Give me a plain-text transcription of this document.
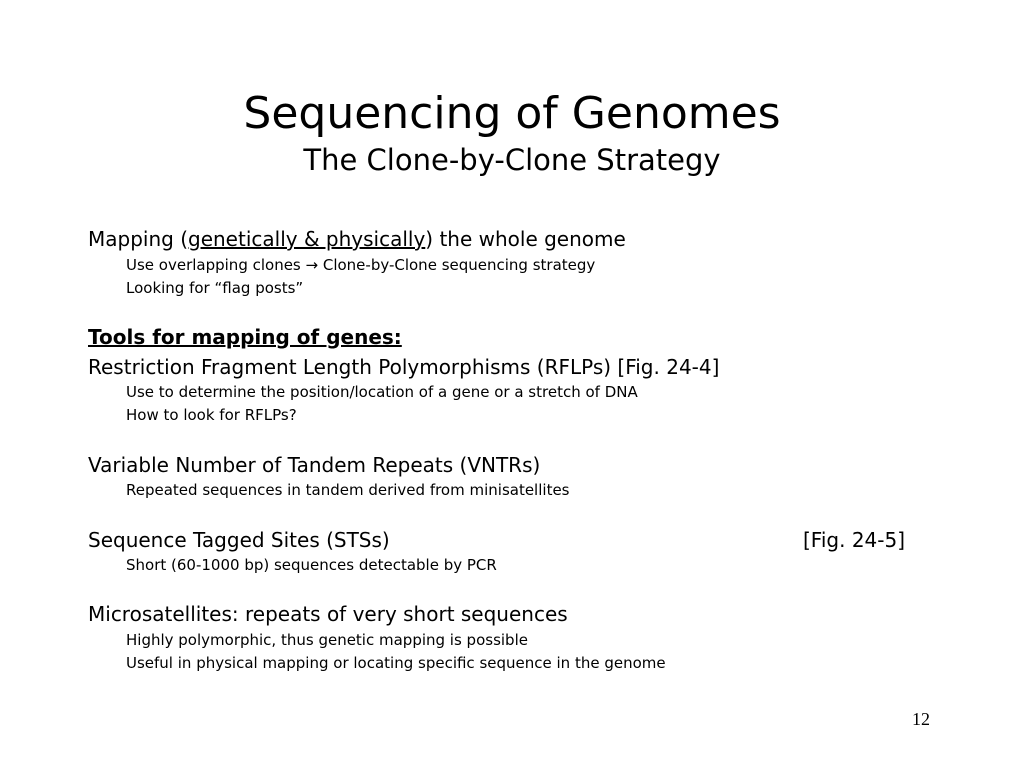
Sequencing of Genomes
The Clone-by-Clone Strategy
Mapping (genetically & physically) the whole genome
Use overlapping clones → Clone-by-Clone sequencing strategy
Looking for “flag posts”
Tools for mapping of genes:
Restriction Fragment Length Polymorphisms (RFLPs) [Fig. 24-4]
Use to determine the position/location of a gene or a stretch of DNA
How to look for RFLPs?
Variable Number of Tandem Repeats (VNTRs)
Repeated sequences in tandem derived from minisatellites
Sequence Tagged Sites (STSs)	[Fig. 24-5]
Short (60-1000 bp) sequences detectable by PCR
Microsatellites: repeats of very short sequences
Highly polymorphic, thus genetic mapping is possible
Useful in physical mapping or locating specific sequence in the genome
12
